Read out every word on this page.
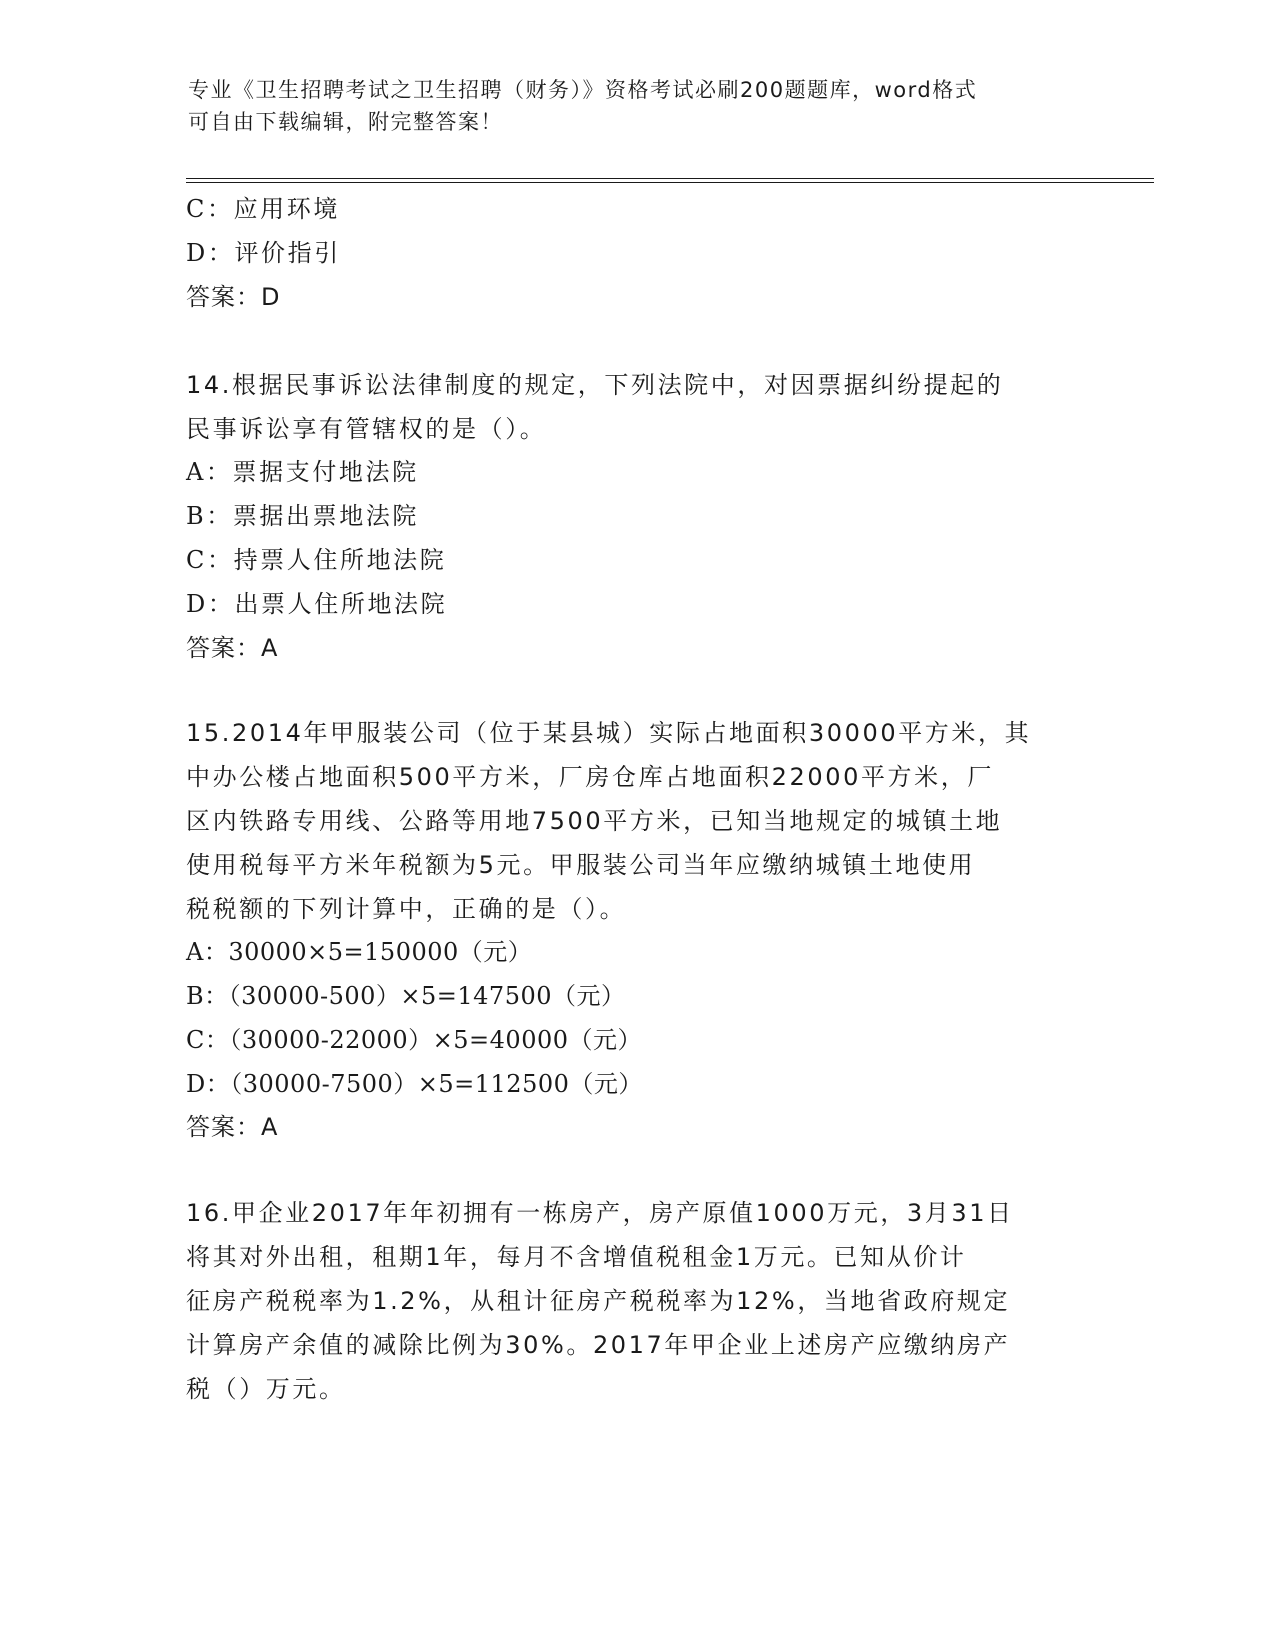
专业《卫生招聘考试之卫生招聘（财务）》资格考试必刷200题题库，word格式
可自由下载编辑，附完整答案！
C：应用环境
D：评价指引
答案：D
14.根据民事诉讼法律制度的规定，下列法院中，对因票据纠纷提起的
民事诉讼享有管辖权的是（）。
A：票据支付地法院
B：票据出票地法院
C：持票人住所地法院
D：出票人住所地法院
答案：A
15.2014年甲服装公司（位于某县城）实际占地面积30000平方米，其
中办公楼占地面积500平方米，厂房仓库占地面积22000平方米，厂
区内铁路专用线、公路等用地7500平方米，已知当地规定的城镇土地
使用税每平方米年税额为5元。甲服装公司当年应缴纳城镇土地使用
税税额的下列计算中，正确的是（）。
A：30000×5=150000（元）
B：（30000-500）×5=147500（元）
C：（30000-22000）×5=40000（元）
D：（30000-7500）×5=112500（元）
答案：A
16.甲企业2017年年初拥有一栋房产，房产原值1000万元，3月31日
将其对外出租，租期1年，每月不含增值税租金1万元。已知从价计
征房产税税率为1.2%，从租计征房产税税率为12%，当地省政府规定
计算房产余值的减除比例为30%。2017年甲企业上述房产应缴纳房产
税（）万元。
